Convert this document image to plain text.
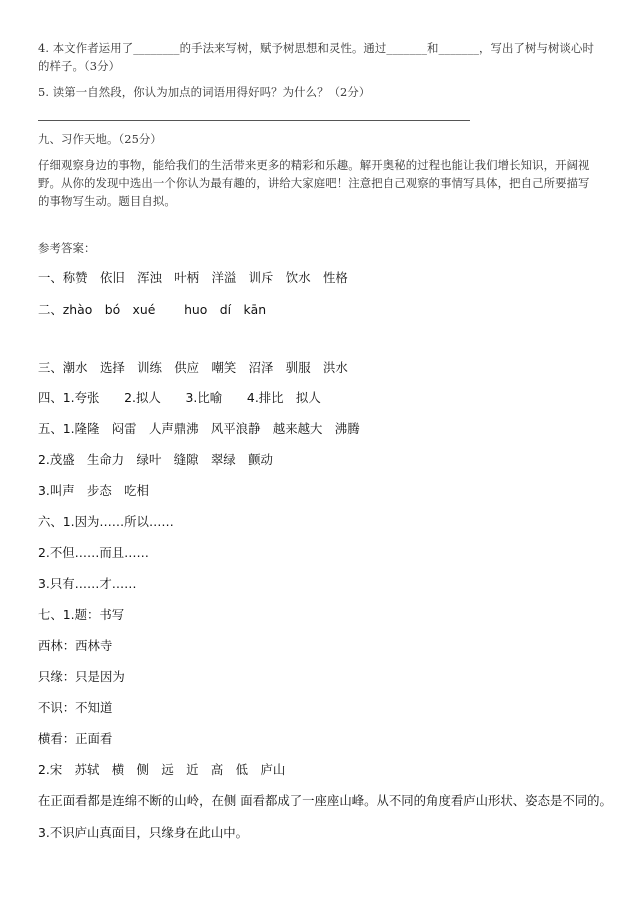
4. 本文作者运用了________的手法来写树，赋予树思想和灵性。通过_______和_______，写出了树与树谈心时
的样子。（3分）
5. 读第一自然段，你认为加点的词语用得好吗？为什么？（2分）
九、习作天地。（25分）
仔细观察身边的事物，能给我们的生活带来更多的精彩和乐趣。解开奥秘的过程也能让我们增长知识，开阔视
野。从你的发现中选出一个你认为最有趣的，讲给大家庭吧！注意把自己观察的事情写具体，把自己所要描写
的事物写生动。题目自拟。
参考答案：
一、称赞　依旧　浑浊　叶柄　洋溢　训斥　饮水　性格
二、zhào　bó　xué　　 huo　dí　kān
三、潮水　选择　训练　供应　嘲笑　沼泽　驯服　洪水
四、1.夸张　　2.拟人　　3.比喻　　4.排比　拟人
五、1.隆隆　闷雷　人声鼎沸　风平浪静　越来越大　沸腾
2.茂盛　生命力　绿叶　缝隙　翠绿　颤动
3.叫声　步态　吃相
六、1.因为……所以……
2.不但……而且……
3.只有……才……
七、1.题：书写
西林：西林寺
只缘：只是因为
不识：不知道
横看：正面看
2.宋　苏轼　横　侧　远　近　高　低　庐山
在正面看都是连绵不断的山岭，在侧 面看都成了一座座山峰。从不同的角度看庐山形状、姿态是不同的。
3.不识庐山真面目，只缘身在此山中。
